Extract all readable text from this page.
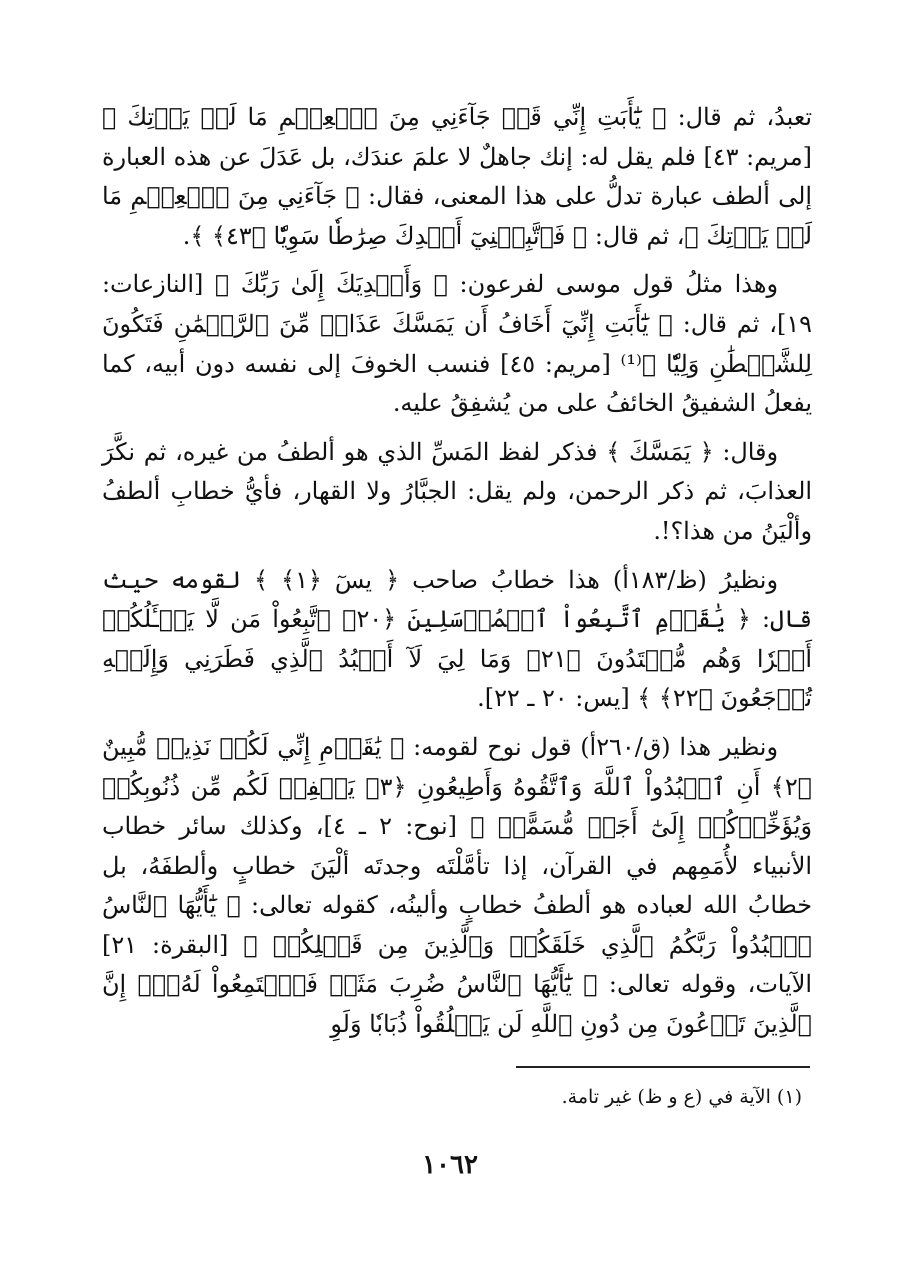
تعبدُ، ثم قال: ﴿ يَٰٓأَبَتِ إِنِّي قَدۡ جَآءَنِي مِنَ ٱلۡعِلۡمِ مَا لَمۡ يَأۡتِكَ ﴾ [مريم: ٤٣] فلم يقل له: إنك جاهلٌ لا علمَ عندَك، بل عَدَلَ عن هذه العبارة إلى ألطف عبارة تدلُّ على هذا المعنى، فقال: ﴿ جَآءَنِي مِنَ ٱلۡعِلۡمِ مَا لَمۡ يَأۡتِكَ ﴾، ثم قال: ﴿ فَٱتَّبِعۡنِيٓ أَهۡدِكَ صِرَٰطٗا سَوِيّٗا ﴿٤٣﴾ ﴾.

وهذا مثلُ قول موسى لفرعون: ﴿ وَأَهۡدِيَكَ إِلَىٰ رَبِّكَ ﴾ [النازعات: ١٩]، ثم قال: ﴿ يَٰٓأَبَتِ إِنِّيٓ أَخَافُ أَن يَمَسَّكَ عَذَابٞ مِّنَ ٱلرَّحۡمَٰنِ فَتَكُونَ لِلشَّيۡطَٰنِ وَلِيّٗا ﴾⁽¹⁾ [مريم: ٤٥] فنسب الخوفَ إلى نفسه دون أبيه، كما يفعلُ الشفيقُ الخائفُ على من يُشفِقُ عليه.

وقال: ﴿ يَمَسَّكَ ﴾ فذكر لفظ المَسِّ الذي هو ألطفُ من غيره، ثم نكَّرَ العذابَ، ثم ذكر الرحمن، ولم يقل: الجبَّارُ ولا القهار، فأيُّ خطابِ ألطفُ وألْيَنُ من هذا؟!.

ونظيرُ (ظ/١٨٣أ) هذا خطابُ صاحب ﴿ يسٓ ﴿١﴾ ﴾ لقومه حيث قال: ﴿ يَٰقَوۡمِ ٱتَّبِعُواْ ٱلۡمُرۡسَلِينَ ﴿٢٠﴾ ٱتَّبِعُواْ مَن لَّا يَسۡـَٔلُكُمۡ أَجۡرٗا وَهُم مُّهۡتَدُونَ ﴿٢١﴾ وَمَا لِيَ لَآ أَعۡبُدُ ٱلَّذِي فَطَرَنِي وَإِلَيۡهِ تُرۡجَعُونَ ﴿٢٢﴾ ﴾ [يس: ٢٠ ـ ٢٢].

ونظير هذا (ق/٢٦٠أ) قول نوح لقومه: ﴿ يَٰقَوۡمِ إِنِّي لَكُمۡ نَذِيرٞ مُّبِينٌ ﴿٢﴾ أَنِ ٱعۡبُدُواْ ٱللَّهَ وَٱتَّقُوهُ وَأَطِيعُونِ ﴿٣﴾ يَغۡفِرۡ لَكُم مِّن ذُنُوبِكُمۡ وَيُؤَخِّرۡكُمۡ إِلَىٰٓ أَجَلٖ مُّسَمًّىۚ ﴾ [نوح: ٢ ـ ٤]، وكذلك سائر خطاب الأنبياء لأُمَمِهم في القرآن، إذا تأمَّلْتَه وجدتَه ألْيَنَ خطابٍ وألطفَهُ، بل خطابُ الله لعباده هو ألطفُ خطابٍ وألينُه، كقوله تعالى: ﴿ يَٰٓأَيُّهَا ٱلنَّاسُ ٱعۡبُدُواْ رَبَّكُمُ ٱلَّذِي خَلَقَكُمۡ وَٱلَّذِينَ مِن قَبۡلِكُمۡ ﴾ [البقرة: ٢١] الآيات، وقوله تعالى: ﴿ يَٰٓأَيُّهَا ٱلنَّاسُ ضُرِبَ مَثَلٞ فَٱسۡتَمِعُواْ لَهُۥٓۚ إِنَّ ٱلَّذِينَ تَدۡعُونَ مِن دُونِ ٱللَّهِ لَن يَخۡلُقُواْ ذُبَابٗا وَلَوِ

(١) الآية في (ع و ظ) غير تامة.
١٠٦٢
